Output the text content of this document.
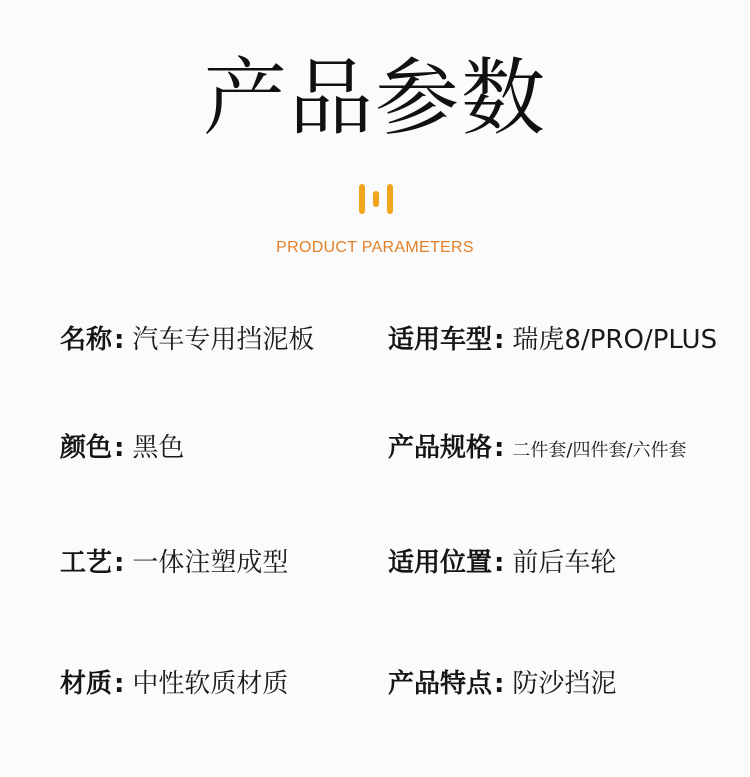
产品参数
PRODUCT PARAMETERS
名称: 汽车专用挡泥板	适用车型: 瑞虎8/PRO/PLUS
颜色: 黑色	产品规格: 二件套/四件套/六件套
工艺: 一体注塑成型	适用位置: 前后车轮
材质: 中性软质材质	产品特点: 防沙挡泥
